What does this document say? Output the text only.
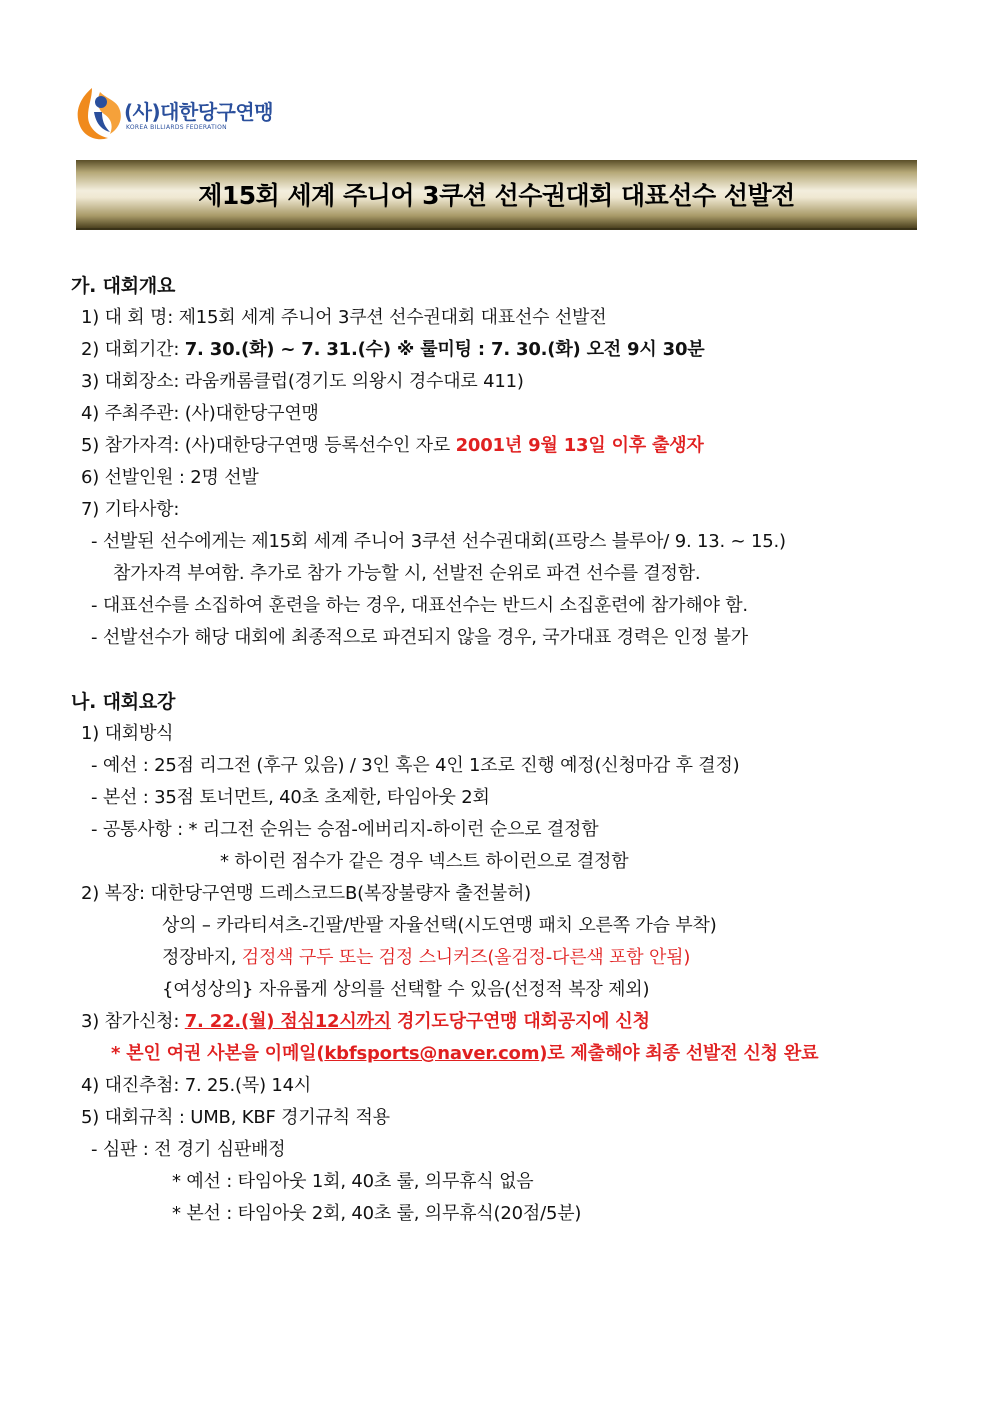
(사)대한당구연맹
KOREA BILLIARDS FEDERATION
제15회 세계 주니어 3쿠션 선수권대회 대표선수 선발전
가. 대회개요
1) 대 회 명: 제15회 세계 주니어 3쿠션 선수권대회 대표선수 선발전
2) 대회기간: 7. 30.(화) ~ 7. 31.(수) ※ 룰미팅 : 7. 30.(화) 오전 9시 30분
3) 대회장소: 라움캐롬클럽(경기도 의왕시 경수대로 411)
4) 주최주관: (사)대한당구연맹
5) 참가자격: (사)대한당구연맹 등록선수인 자로 2001년 9월 13일 이후 출생자
6) 선발인원 : 2명 선발
7) 기타사항:
- 선발된 선수에게는 제15회 세계 주니어 3쿠션 선수권대회(프랑스 블루아/ 9. 13. ~ 15.)
참가자격 부여함. 추가로 참가 가능할 시, 선발전 순위로 파견 선수를 결정함.
- 대표선수를 소집하여 훈련을 하는 경우, 대표선수는 반드시 소집훈련에 참가해야 함.
- 선발선수가 해당 대회에 최종적으로 파견되지 않을 경우, 국가대표 경력은 인정 불가
나. 대회요강
1) 대회방식
- 예선 : 25점 리그전 (후구 있음) / 3인 혹은 4인 1조로 진행 예정(신청마감 후 결정)
- 본선 : 35점 토너먼트, 40초 초제한, 타임아웃 2회
- 공통사항 : * 리그전 순위는 승점-에버리지-하이런 순으로 결정함
* 하이런 점수가 같은 경우 넥스트 하이런으로 결정함
2) 복장: 대한당구연맹 드레스코드B(복장불량자 출전불허)
상의 – 카라티셔츠-긴팔/반팔 자율선택(시도연맹 패치 오른쪽 가슴 부착)
정장바지, 검정색 구두 또는 검정 스니커즈(올검정-다른색 포함 안됨)
{여성상의} 자유롭게 상의를 선택할 수 있음(선정적 복장 제외)
3) 참가신청: 7. 22.(월) 점심12시까지 경기도당구연맹 대회공지에 신청
* 본인 여권 사본을 이메일(kbfsports@naver.com)로 제출해야 최종 선발전 신청 완료
4) 대진추첨: 7. 25.(목) 14시
5) 대회규칙 : UMB, KBF 경기규칙 적용
- 심판 : 전 경기 심판배정
* 예선 : 타임아웃 1회, 40초 룰, 의무휴식 없음
* 본선 : 타임아웃 2회, 40초 룰, 의무휴식(20점/5분)
